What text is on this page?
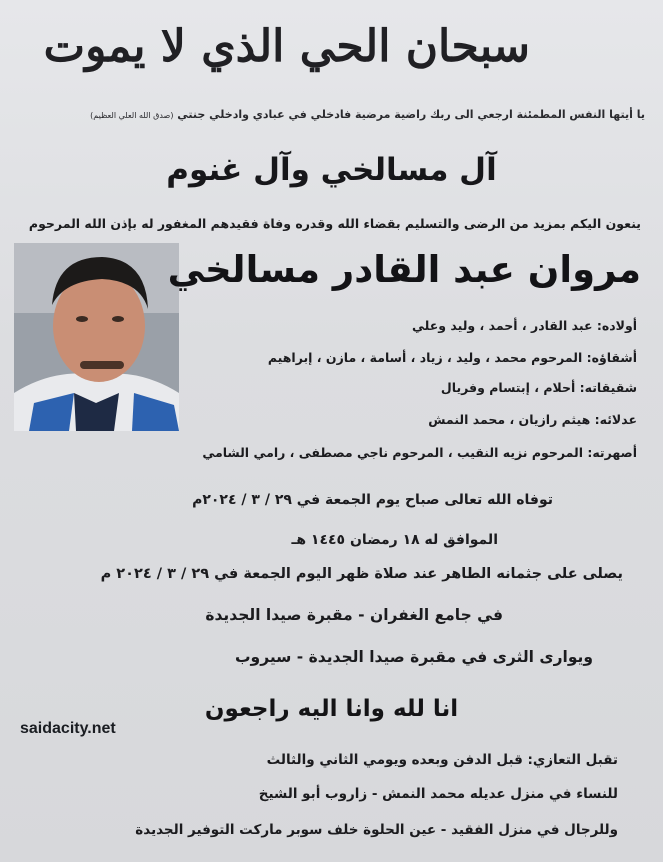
سبحان الحي الذي لا يموت
يا أيتها النفس المطمئنة ارجعي الى ربك راضية مرضية فادخلي في عبادي وادخلي جنتي (صدق الله العلي العظيم)
آل مسالخي وآل غنوم
ينعون اليكم بمزيد من الرضى والتسليم بقضاء الله وقدره وفاة فقيدهم المغفور له بإذن الله المرحوم
مروان عبد القادر مسالخي
أولاده: عبد القادر ، أحمد ، وليد وعلي
أشقاؤه: المرحوم محمد ، وليد ، زياد ، أسامة ، مازن ، إبراهيم
شقيقاته: أحلام ، إبتسام وفريال
عدلائه: هيثم رازيان ، محمد النمش
أصهرته: المرحوم نزيه النقيب ، المرحوم ناجي مصطفى ، رامي الشامي
توفاه الله تعالى صباح يوم الجمعة في ٢٩ / ٣ / ٢٠٢٤م
الموافق له ١٨ رمضان ١٤٤٥ هـ
يصلى على جثمانه الطاهر عند صلاة ظهر اليوم الجمعة في ٢٩ / ٣ / ٢٠٢٤ م
في جامع الغفران - مقبرة صيدا الجديدة
ويوارى الثرى في مقبرة صيدا الجديدة - سيروب
انا لله وانا اليه راجعون
saidacity.net
تقبل التعازي: قبل الدفن وبعده ويومي الثاني والثالث
للنساء في منزل عديله محمد النمش - زاروب أبو الشيخ
وللرجال في منزل الفقيد - عين الحلوة خلف سوبر ماركت التوفير الجديدة
